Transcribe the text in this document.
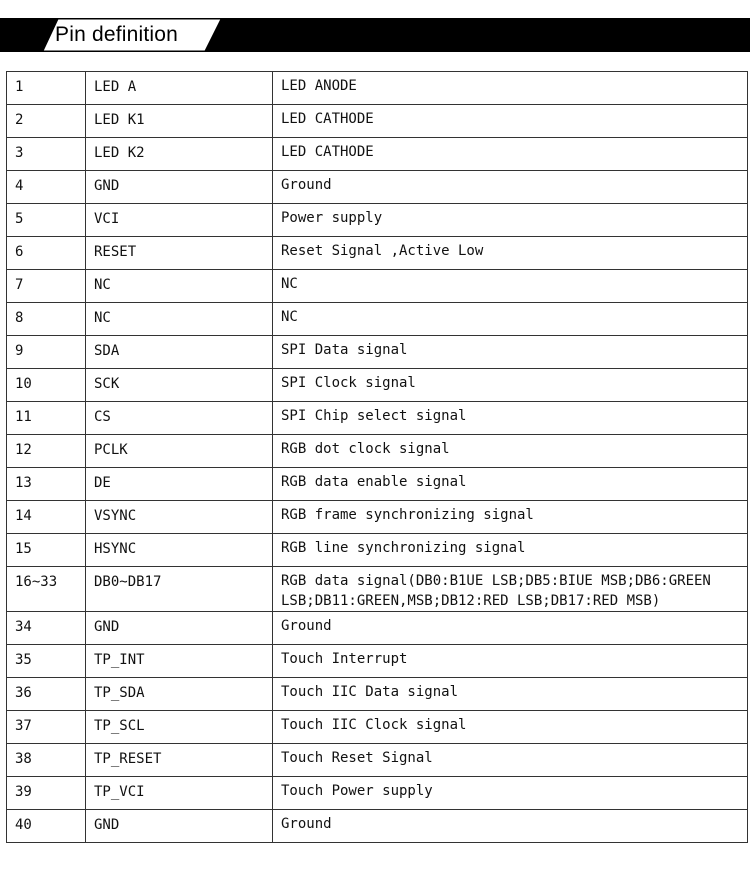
Pin definition
1	LED A	LED ANODE
2	LED K1	LED CATHODE
3	LED K2	LED CATHODE
4	GND	Ground
5	VCI	Power supply
6	RESET	Reset Signal ,Active Low
7	NC	NC
8	NC	NC
9	SDA	SPI Data signal
10	SCK	SPI Clock signal
11	CS	SPI Chip select signal
12	PCLK	RGB dot clock signal
13	DE	RGB data enable signal
14	VSYNC	RGB frame synchronizing signal
15	HSYNC	RGB line synchronizing signal
16~33	DB0~DB17	RGB data signal(DB0:B1UE LSB;DB5:BIUE MSB;DB6:GREEN LSB;DB11:GREEN,MSB;DB12:RED LSB;DB17:RED MSB)
34	GND	Ground
35	TP_INT	Touch Interrupt
36	TP_SDA	Touch IIC Data signal
37	TP_SCL	Touch IIC Clock signal
38	TP_RESET	Touch Reset Signal
39	TP_VCI	Touch Power supply
40	GND	Ground
